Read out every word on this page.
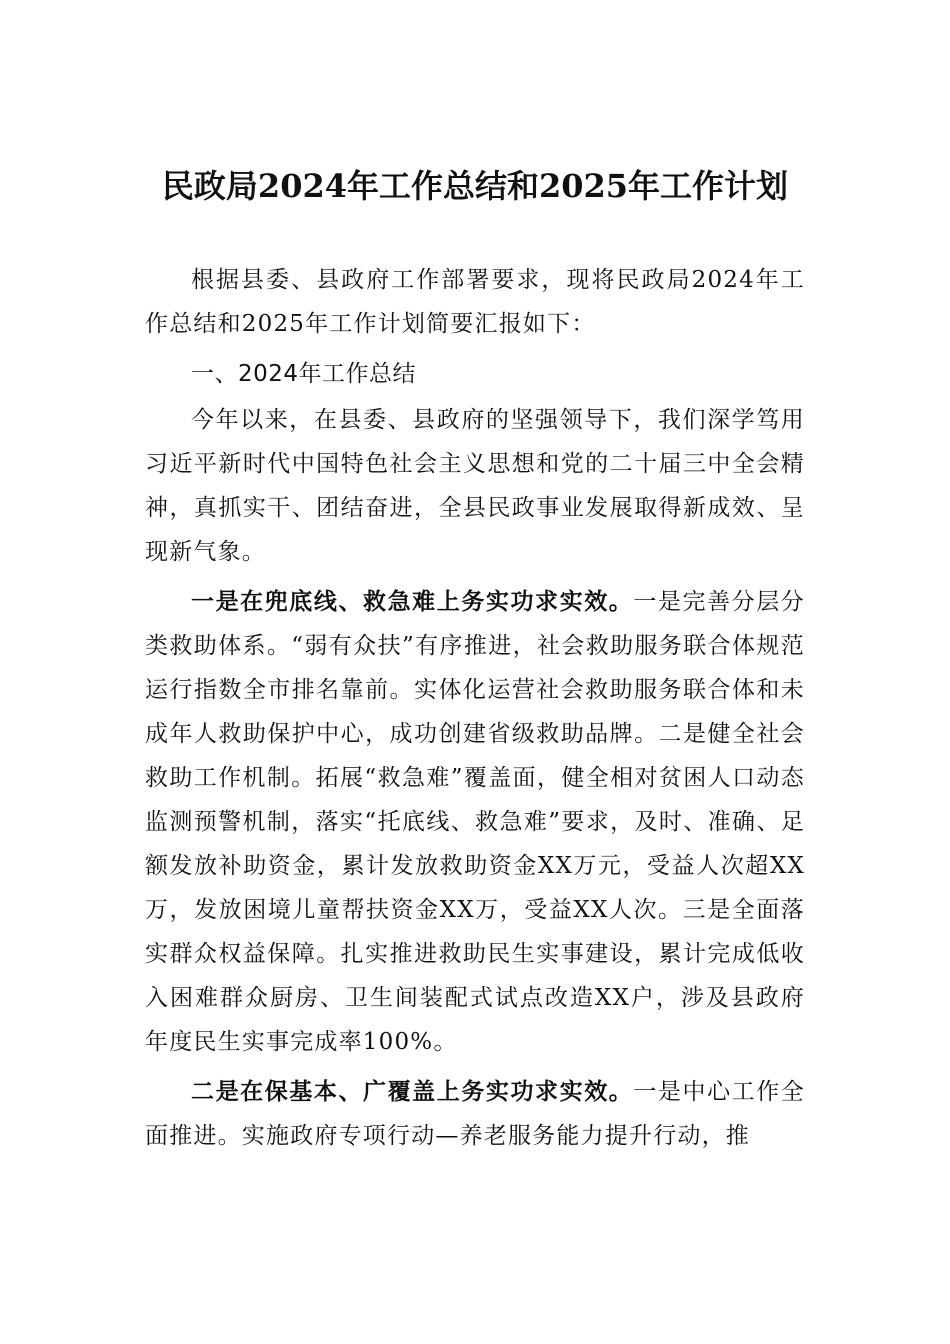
民政局2024年工作总结和2025年工作计划

根据县委、县政府工作部署要求，现将民政局2024年工作总结和2025年工作计划简要汇报如下：

一、2024年工作总结

今年以来，在县委、县政府的坚强领导下，我们深学笃用习近平新时代中国特色社会主义思想和党的二十届三中全会精神，真抓实干、团结奋进，全县民政事业发展取得新成效、呈现新气象。

一是在兜底线、救急难上务实功求实效。一是完善分层分类救助体系。“弱有众扶”有序推进，社会救助服务联合体规范运行指数全市排名靠前。实体化运营社会救助服务联合体和未成年人救助保护中心，成功创建省级救助品牌。二是健全社会救助工作机制。拓展“救急难”覆盖面，健全相对贫困人口动态监测预警机制，落实“托底线、救急难”要求，及时、准确、足额发放补助资金，累计发放救助资金XX万元，受益人次超XX万，发放困境儿童帮扶资金XX万，受益XX人次。三是全面落实群众权益保障。扎实推进救助民生实事建设，累计完成低收入困难群众厨房、卫生间装配式试点改造XX户，涉及县政府年度民生实事完成率100%。

二是在保基本、广覆盖上务实功求实效。一是中心工作全面推进。实施政府专项行动—养老服务能力提升行动，推
